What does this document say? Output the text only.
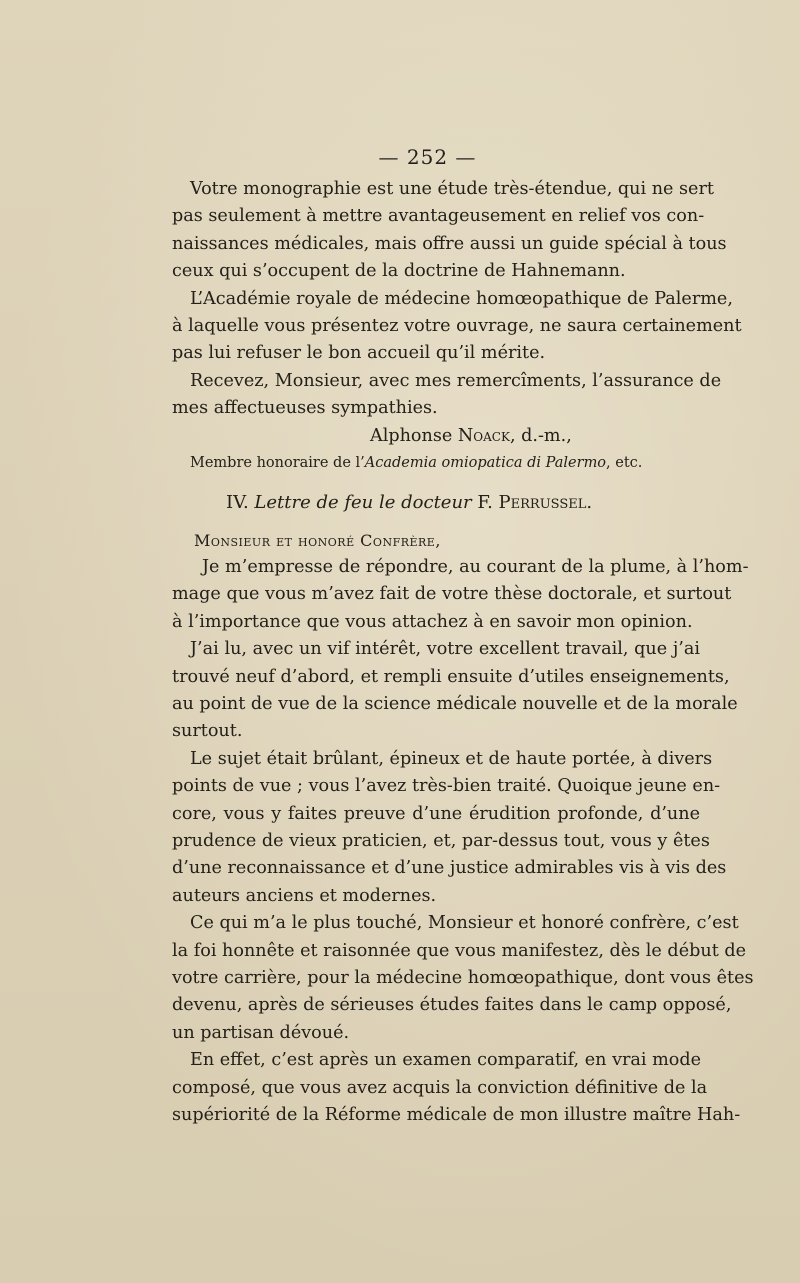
— 252 —
Votre monographie est une étude très-étendue, qui ne sert
pas seulement à mettre avantageusement en relief vos con-
naissances médicales, mais offre aussi un guide spécial à tous
ceux qui s’occupent de la doctrine de Hahnemann.
L’Académie royale de médecine homœopathique de Palerme,
à laquelle vous présentez votre ouvrage, ne saura certainement
pas lui refuser le bon accueil qu’il mérite.
Recevez, Monsieur, avec mes remercîments, l’assurance de
mes affectueuses sympathies.
Alphonse Noack, d.-m.,
Membre honoraire de l’Academia omiopatica di Palermo, etc.
IV. Lettre de feu le docteur F. Perrussel.
Monsieur et honoré Confrère,
Je m’empresse de répondre, au courant de la plume, à l’hom-
mage que vous m’avez fait de votre thèse doctorale, et surtout
à l’importance que vous attachez à en savoir mon opinion.
J’ai lu, avec un vif intérêt, votre excellent travail, que j’ai
trouvé neuf d’abord, et rempli ensuite d’utiles enseignements,
au point de vue de la science médicale nouvelle et de la morale
surtout.
Le sujet était brûlant, épineux et de haute portée, à divers
points de vue ; vous l’avez très-bien traité. Quoique jeune en-
core, vous y faites preuve d’une érudition profonde, d’une
prudence de vieux praticien, et, par-dessus tout, vous y êtes
d’une reconnaissance et d’une justice admirables vis à vis des
auteurs anciens et modernes.
Ce qui m’a le plus touché, Monsieur et honoré confrère, c’est
la foi honnête et raisonnée que vous manifestez, dès le début de
votre carrière, pour la médecine homœopathique, dont vous êtes
devenu, après de sérieuses études faites dans le camp opposé,
un partisan dévoué.
En effet, c’est après un examen comparatif, en vrai mode
composé, que vous avez acquis la conviction définitive de la
supériorité de la Réforme médicale de mon illustre maître Hah-
